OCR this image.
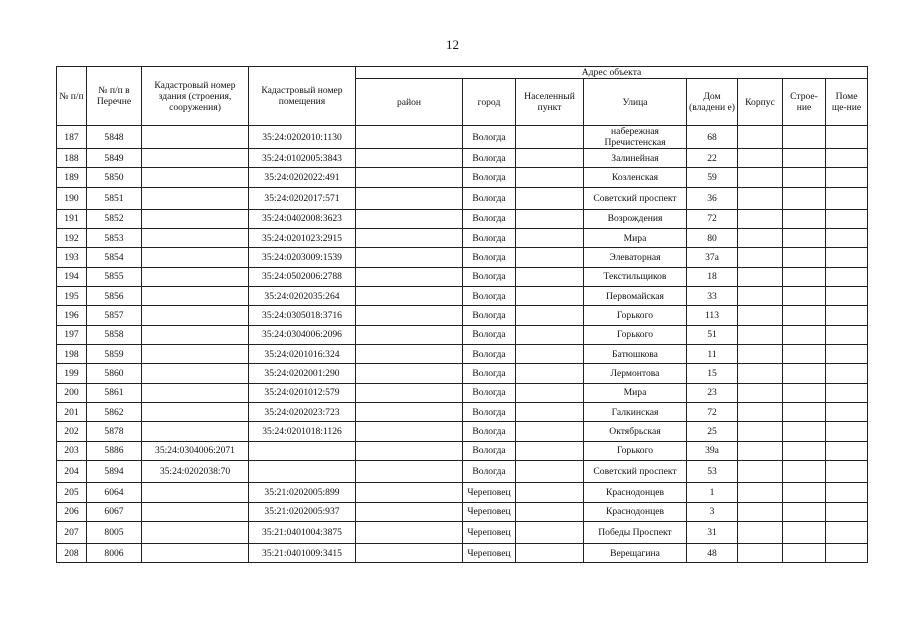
12
№ п/п	№ п/п в Перечне	Кадастровый номер здания (строения, сооружения)	Кадастровый номер помещения	Адрес объекта							
				район	город	Населенный пункт	Улица	Дом (владени е)	Корпус	Строе-ние	Поме ще-ние
187	5848		35:24:0202010:1130		Вологда		набережная Пречистенская	68			
188	5849		35:24:0102005:3843		Вологда		Залинейная	22			
189	5850		35:24:0202022:491		Вологда		Козленская	59			
190	5851		35:24:0202017:571		Вологда		Советский проспект	36			
191	5852		35:24:0402008:3623		Вологда		Возрождения	72			
192	5853		35:24:0201023:2915		Вологда		Мира	80			
193	5854		35:24:0203009:1539		Вологда		Элеваторная	37а			
194	5855		35:24:0502006:2788		Вологда		Текстильщиков	18			
195	5856		35:24:0202035:264		Вологда		Первомайская	33			
196	5857		35:24:0305018:3716		Вологда		Горького	113			
197	5858		35:24:0304006:2096		Вологда		Горького	51			
198	5859		35:24:0201016:324		Вологда		Батюшкова	11			
199	5860		35:24:0202001:290		Вологда		Лермонтова	15			
200	5861		35:24:0201012:579		Вологда		Мира	23			
201	5862		35:24:0202023:723		Вологда		Галкинская	72			
202	5878		35:24:0201018:1126		Вологда		Октябрьская	25			
203	5886	35:24:0304006:2071			Вологда		Горького	39а			
204	5894	35:24:0202038:70			Вологда		Советский проспект	53			
205	6064		35:21:0202005:899		Череповец		Краснодонцев	1			
206	6067		35:21:0202005:937		Череповец		Краснодонцев	3			
207	8005		35:21:0401004:3875		Череповец		Победы Проспект	31			
208	8006		35:21:0401009:3415		Череповец		Верещагина	48			
